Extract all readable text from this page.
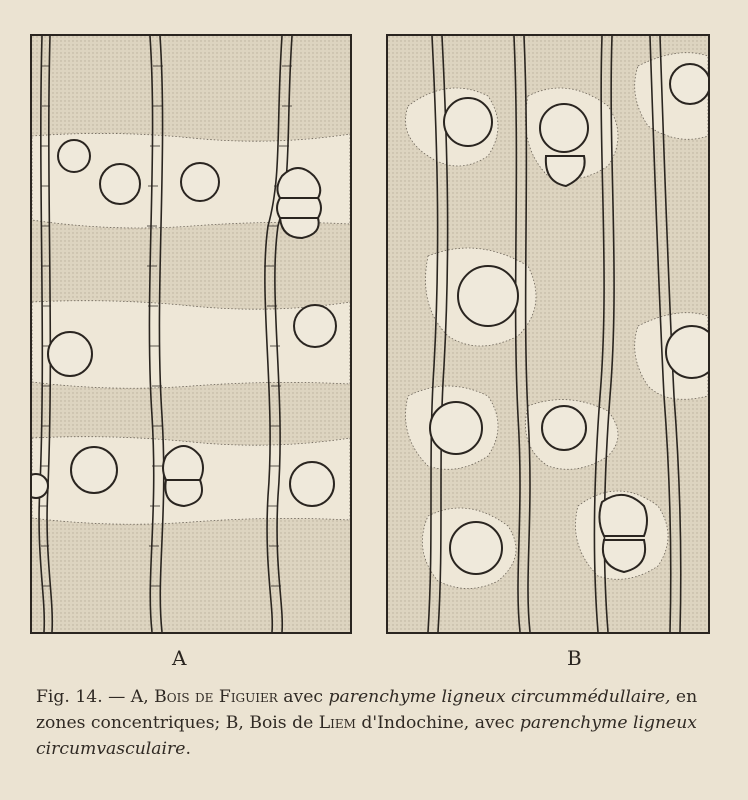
A	B
Fig. 14. — A, Bois de Figuier avec parenchyme ligneux circummédullaire, en zones concentriques; B, Bois de Liem d'Indochine, avec parenchyme ligneux circumvasculaire.
